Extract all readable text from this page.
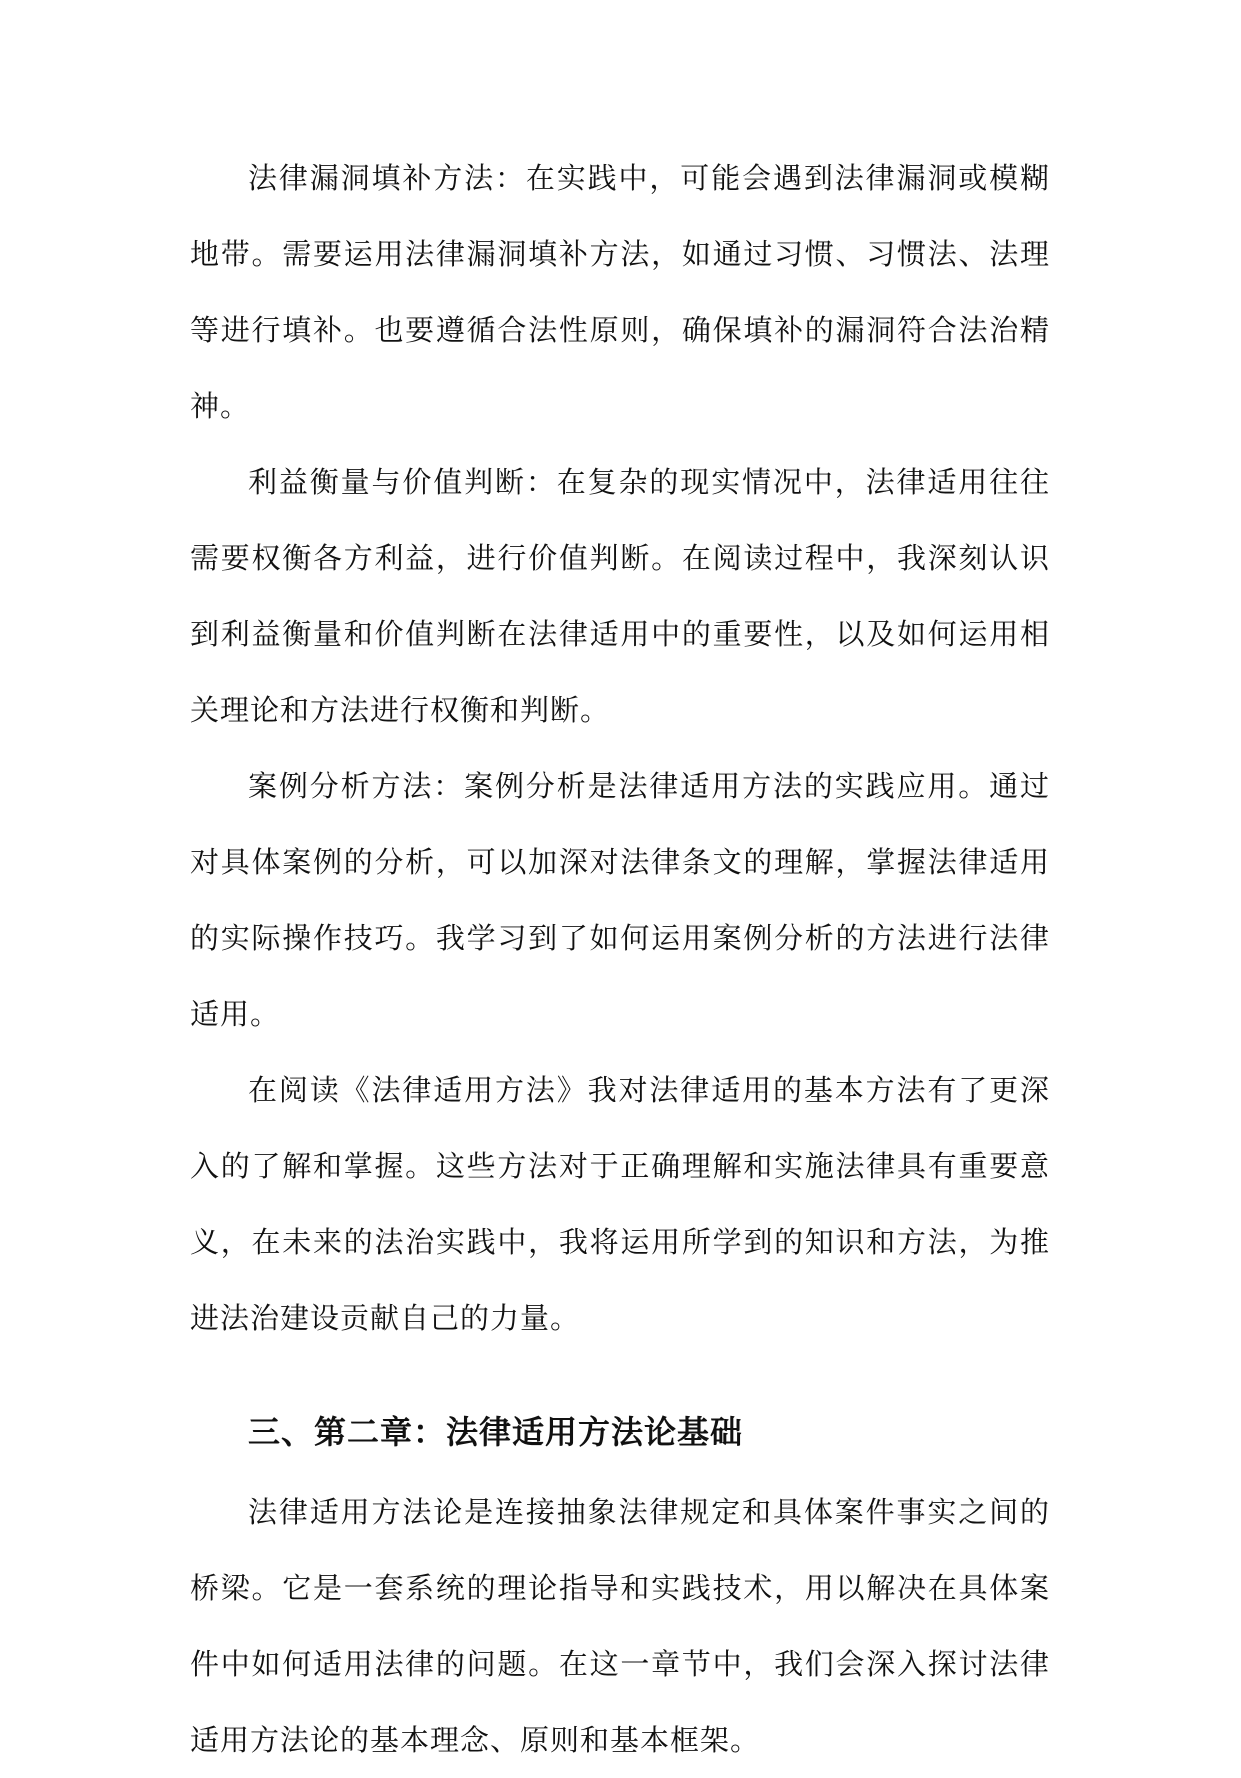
法律漏洞填补方法：在实践中，可能会遇到法律漏洞或模糊地带。需要运用法律漏洞填补方法，如通过习惯、习惯法、法理等进行填补。也要遵循合法性原则，确保填补的漏洞符合法治精神。

利益衡量与价值判断：在复杂的现实情况中，法律适用往往需要权衡各方利益，进行价值判断。在阅读过程中，我深刻认识到利益衡量和价值判断在法律适用中的重要性，以及如何运用相关理论和方法进行权衡和判断。

案例分析方法：案例分析是法律适用方法的实践应用。通过对具体案例的分析，可以加深对法律条文的理解，掌握法律适用的实际操作技巧。我学习到了如何运用案例分析的方法进行法律适用。

在阅读《法律适用方法》我对法律适用的基本方法有了更深入的了解和掌握。这些方法对于正确理解和实施法律具有重要意义，在未来的法治实践中，我将运用所学到的知识和方法，为推进法治建设贡献自己的力量。

三、第二章：法律适用方法论基础

法律适用方法论是连接抽象法律规定和具体案件事实之间的桥梁。它是一套系统的理论指导和实践技术，用以解决在具体案件中如何适用法律的问题。在这一章节中，我们会深入探讨法律适用方法论的基本理念、原则和基本框架。
